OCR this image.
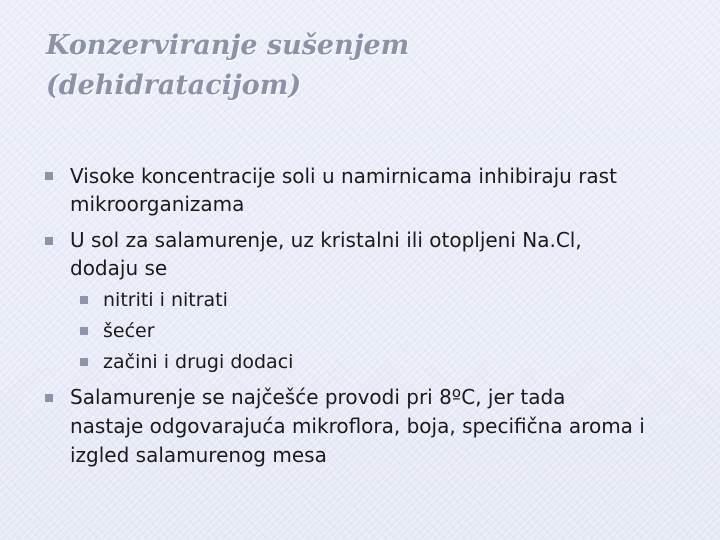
Konzerviranje sušenjem
(dehidratacijom)
Visoke koncentracije soli u namirnicama inhibiraju rast
mikroorganizama
U sol za salamurenje, uz kristalni ili otopljeni Na.Cl,
dodaju se
nitriti i nitrati
šećer
začini i drugi dodaci
Salamurenje se najčešće provodi pri 8ºC, jer tada
nastaje odgovarajuća mikroflora, boja, specifična aroma i
izgled salamurenog mesa
